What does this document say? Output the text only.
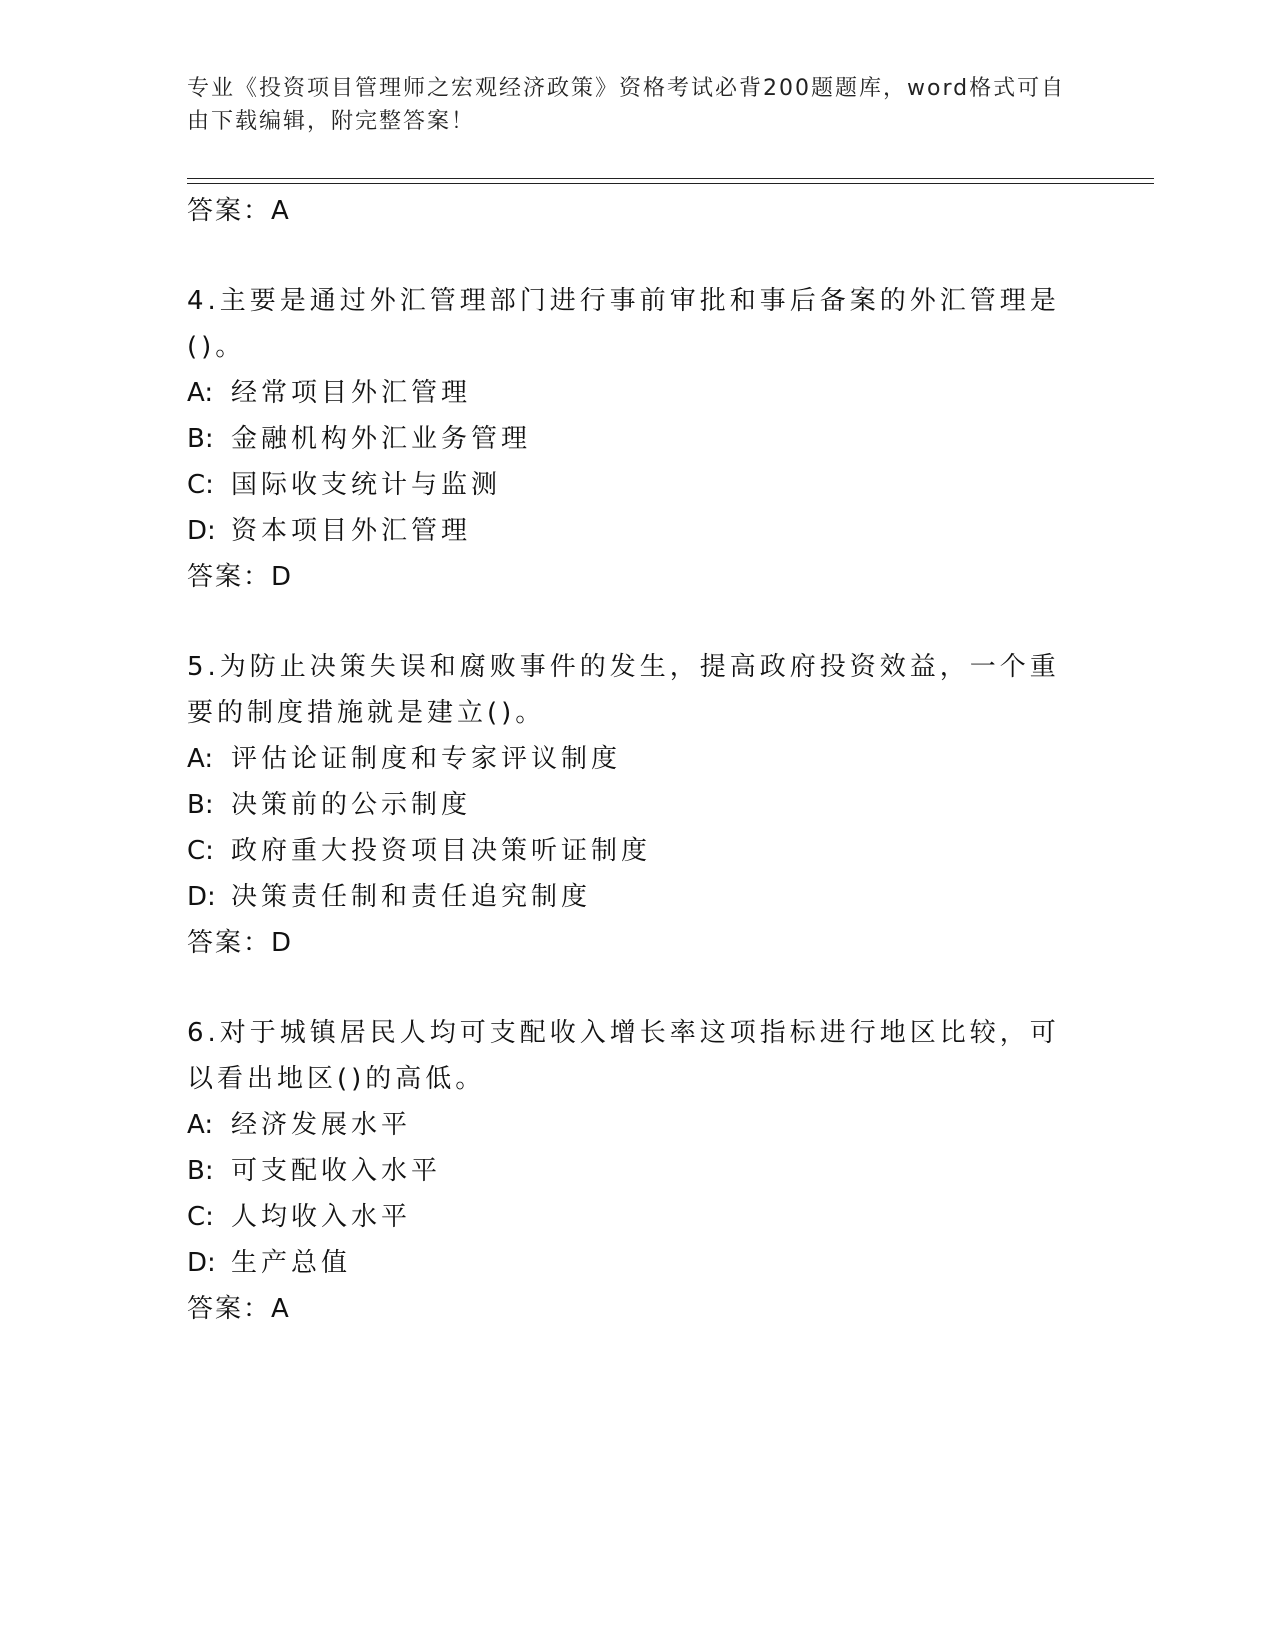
专业《投资项目管理师之宏观经济政策》资格考试必背200题题库，word格式可自由下载编辑，附完整答案！
答案：A
4.主要是通过外汇管理部门进行事前审批和事后备案的外汇管理是()。
A: 经常项目外汇管理
B: 金融机构外汇业务管理
C: 国际收支统计与监测
D: 资本项目外汇管理
答案：D
5.为防止决策失误和腐败事件的发生，提高政府投资效益，一个重要的制度措施就是建立()。
A: 评估论证制度和专家评议制度
B: 决策前的公示制度
C: 政府重大投资项目决策听证制度
D: 决策责任制和责任追究制度
答案：D
6.对于城镇居民人均可支配收入增长率这项指标进行地区比较，可以看出地区()的高低。
A: 经济发展水平
B: 可支配收入水平
C: 人均收入水平
D: 生产总值
答案：A
